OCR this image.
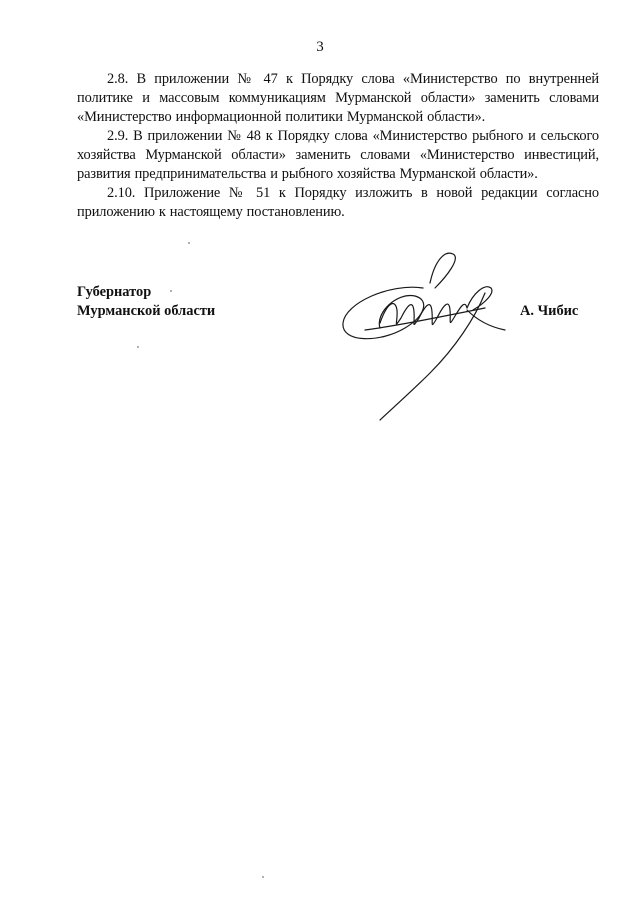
3

2.8. В приложении № 47 к Порядку слова «Министерство по внутренней политике и массовым коммуникациям Мурманской области» заменить словами «Министерство информационной политики Мурманской области».

2.9. В приложении № 48 к Порядку слова «Министерство рыбного и сельского хозяйства Мурманской области» заменить словами «Министерство инвестиций, развития предпринимательства и рыбного хозяйства Мурманской области».

2.10. Приложение № 51 к Порядку изложить в новой редакции согласно приложению к настоящему постановлению.

Губернатор
Мурманской области	А. Чибис
